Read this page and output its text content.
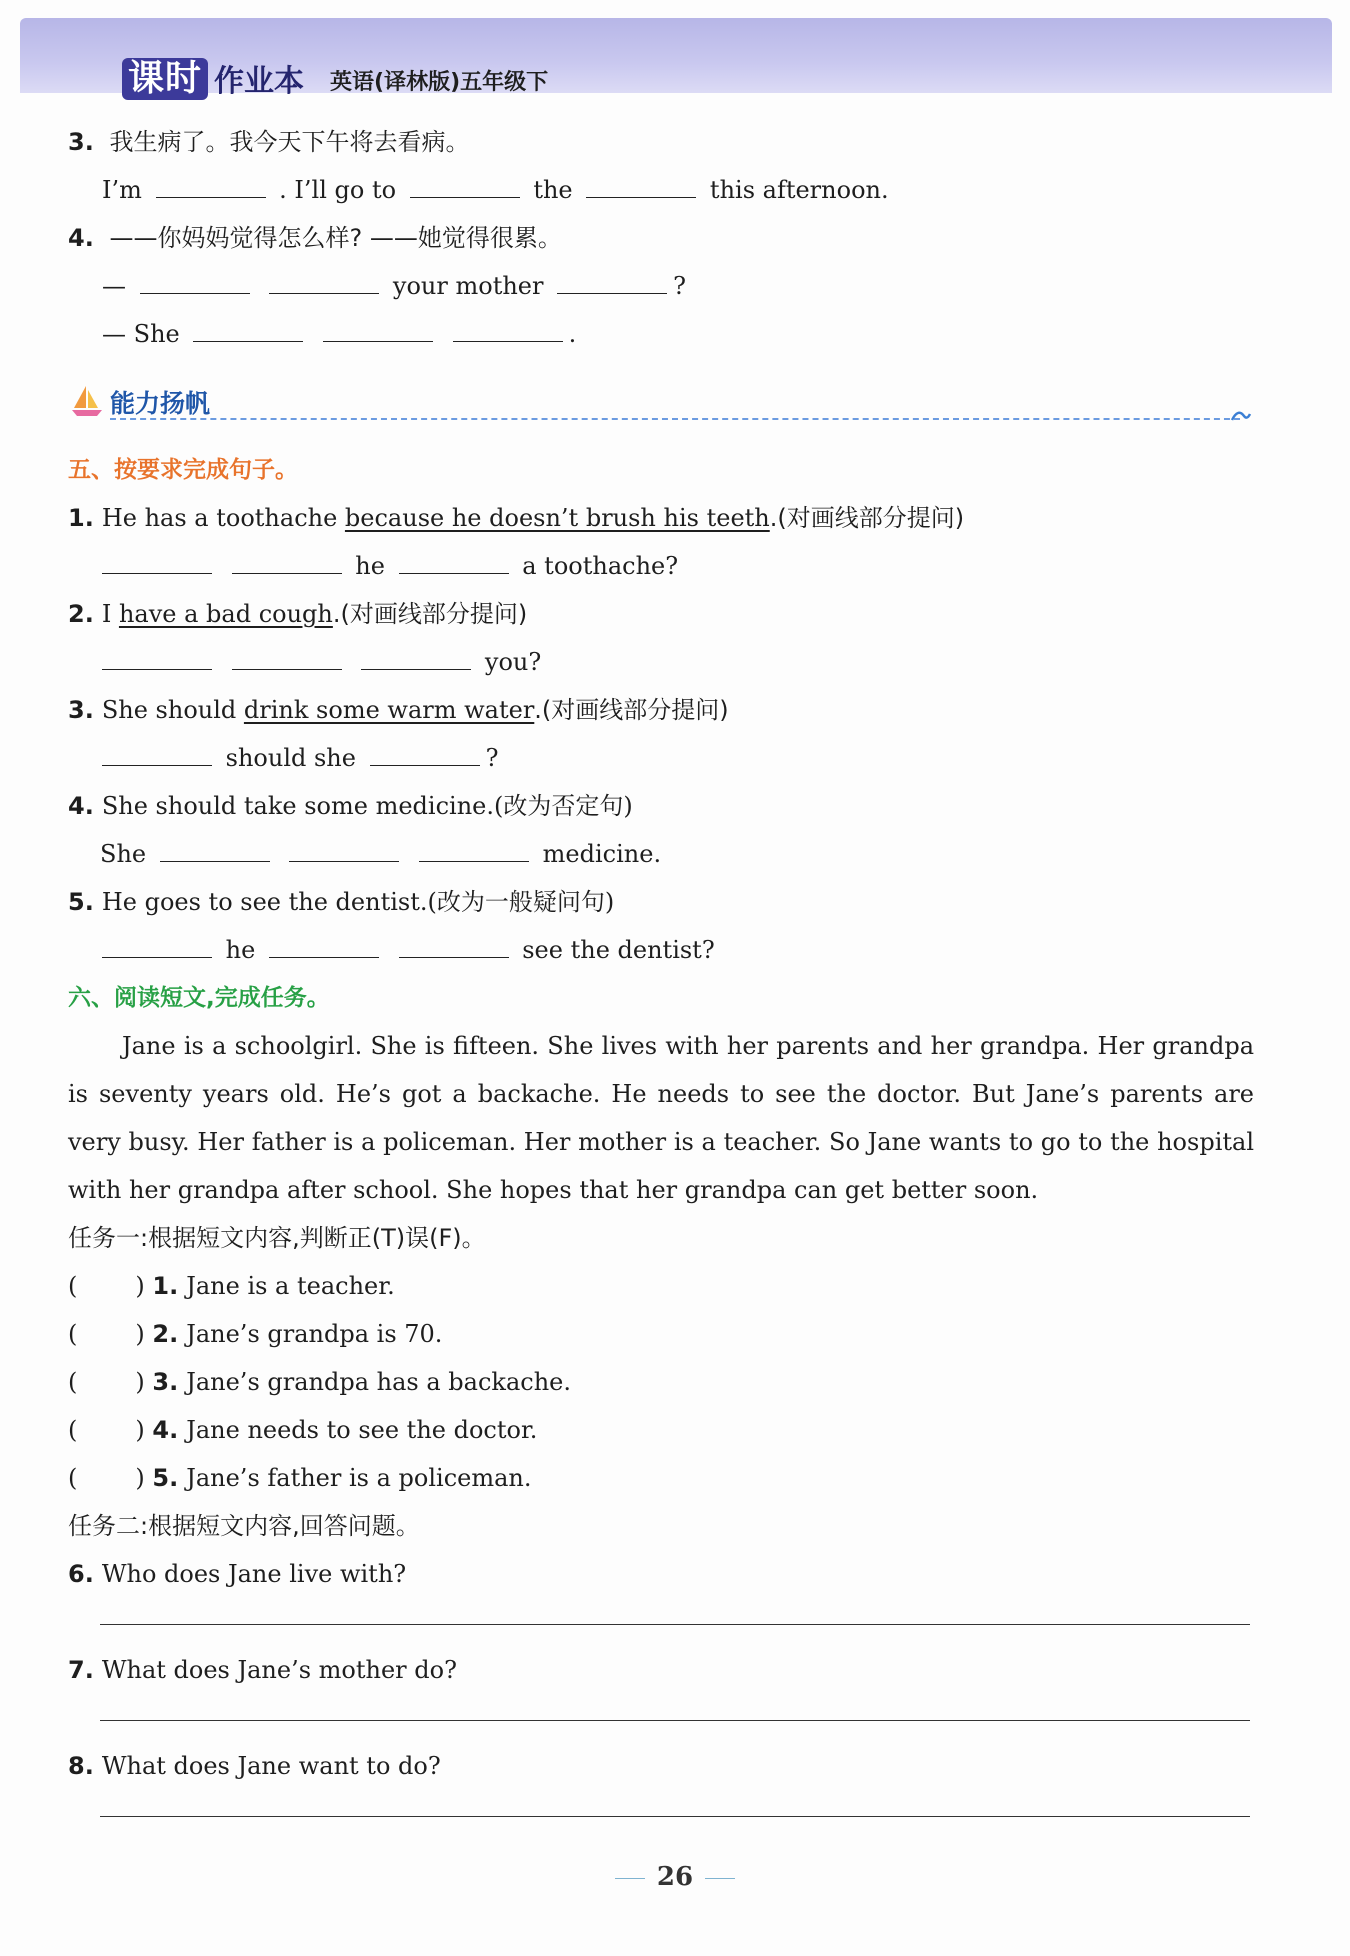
课时 作业本 英语(译林版)五年级下
3. 我生病了。我今天下午将去看病。
I’m	. I’ll go to	the	this afternoon.
4. ——你妈妈觉得怎么样? ——她觉得很累。
—	your mother	?
— She	.
能力扬帆
五、按要求完成句子。
1. He has a toothache because he doesn’t brush his teeth.(对画线部分提问)
he	a toothache?
2. I have a bad cough.(对画线部分提问)
you?
3. She should drink some warm water.(对画线部分提问)
should she	?
4. She should take some medicine.(改为否定句)
She	medicine.
5. He goes to see the dentist.(改为一般疑问句)
he	see the dentist?
六、阅读短文,完成任务。
Jane is a schoolgirl. She is fifteen. She lives with her parents and her grandpa. Her grandpa is seventy years old. He’s got a backache. He needs to see the doctor. But Jane’s parents are very busy. Her father is a policeman. Her mother is a teacher. So Jane wants to go to the hospital with her grandpa after school. She hopes that her grandpa can get better soon.
任务一:根据短文内容,判断正(T)误(F)。
( ) 1. Jane is a teacher.
( ) 2. Jane’s grandpa is 70.
( ) 3. Jane’s grandpa has a backache.
( ) 4. Jane needs to see the doctor.
( ) 5. Jane’s father is a policeman.
任务二:根据短文内容,回答问题。
6. Who does Jane live with?
7. What does Jane’s mother do?
8. What does Jane want to do?
26
